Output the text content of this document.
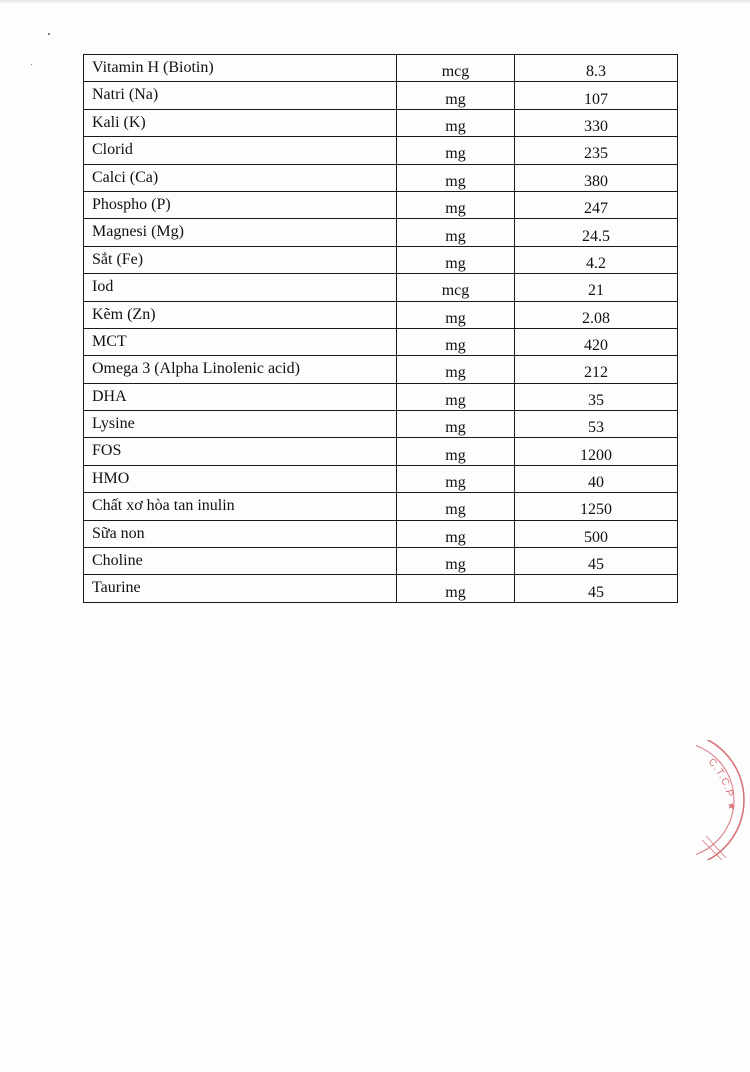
Vitamin H (Biotin)	mcg	8.3
Natri (Na)	mg	107
Kali (K)	mg	330
Clorid	mg	235
Calci (Ca)	mg	380
Phospho (P)	mg	247
Magnesi (Mg)	mg	24.5
Sắt (Fe)	mg	4.2
Iod	mcg	21
Kẽm (Zn)	mg	2.08
MCT	mg	420
Omega 3 (Alpha Linolenic acid)	mg	212
DHA	mg	35
Lysine	mg	53
FOS	mg	1200
HMO	mg	40
Chất xơ hòa tan inulin	mg	1250
Sữa non	mg	500
Choline	mg	45
Taurine	mg	45
C.T.C.P ★
